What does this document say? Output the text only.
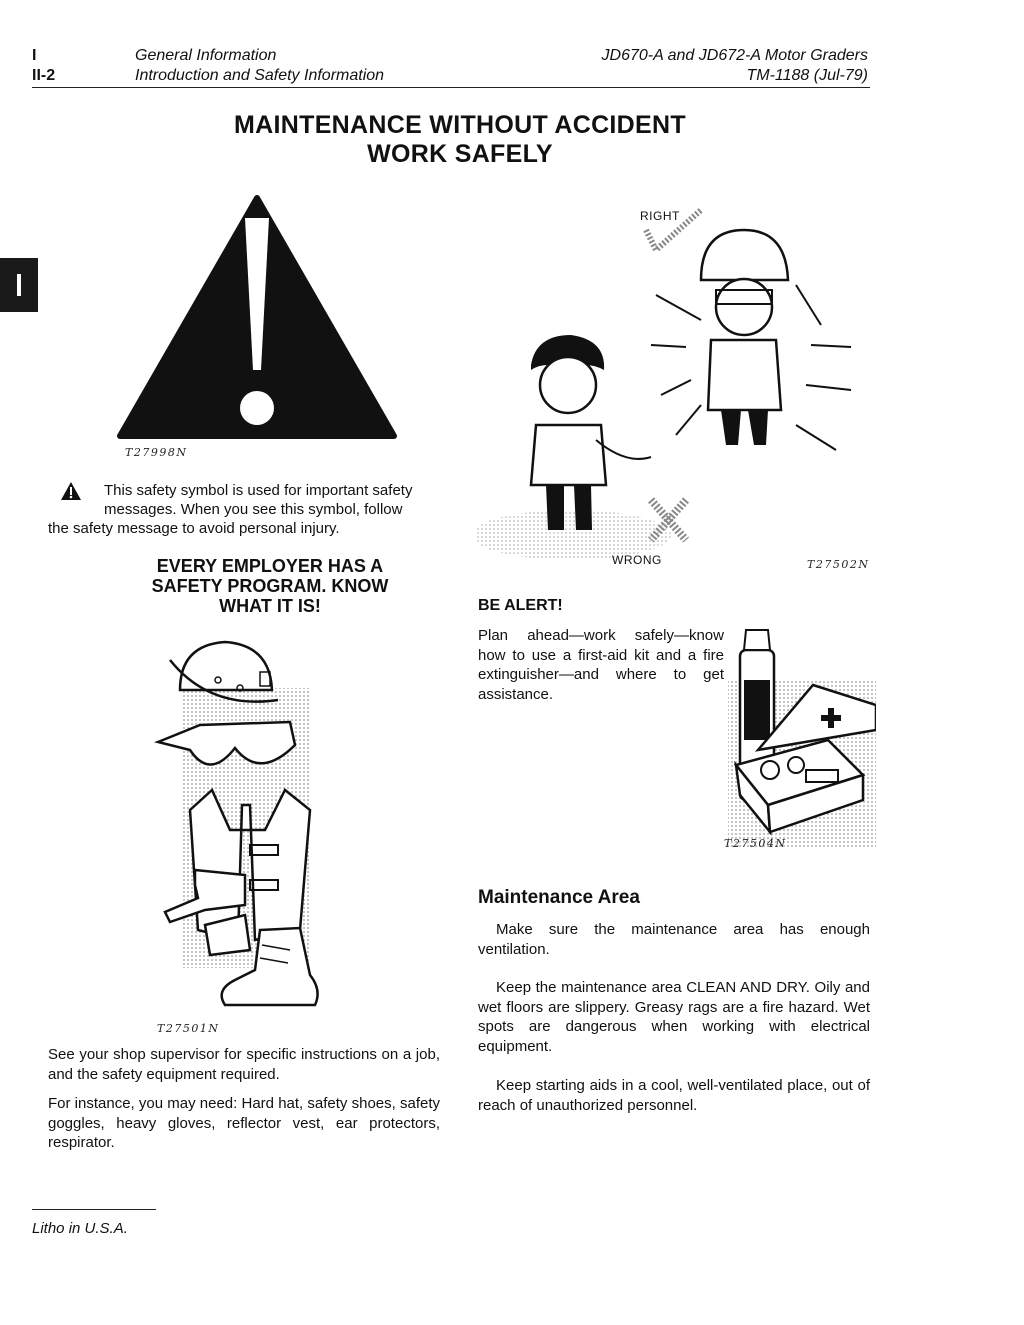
I
II-2
General Information
Introduction and Safety Information
JD670-A and JD672-A Motor Graders
TM-1188 (Jul-79)
MAINTENANCE WITHOUT ACCIDENT
WORK SAFELY
T27998N
This safety symbol is used for important safety
messages. When you see this symbol, follow
the safety message to avoid personal injury.
EVERY EMPLOYER HAS A
SAFETY PROGRAM. KNOW
WHAT IT IS!
T27501N
See your shop supervisor for specific instructions on a job, and the safety equipment required.
For instance, you may need: Hard hat, safety shoes, safety goggles, heavy gloves, reflector vest, ear protectors, respirator.
RIGHT
WRONG	T27502N
BE ALERT!
Plan ahead—work safely—know how to use a first-aid kit and a fire extinguisher—and where to get assistance.
T27504N
Maintenance Area
Make sure the maintenance area has enough ventilation.
Keep the maintenance area CLEAN AND DRY. Oily and wet floors are slippery. Greasy rags are a fire hazard. Wet spots are dangerous when working with electrical equipment.
Keep starting aids in a cool, well-ventilated place, out of reach of unauthorized personnel.
Litho in U.S.A.
